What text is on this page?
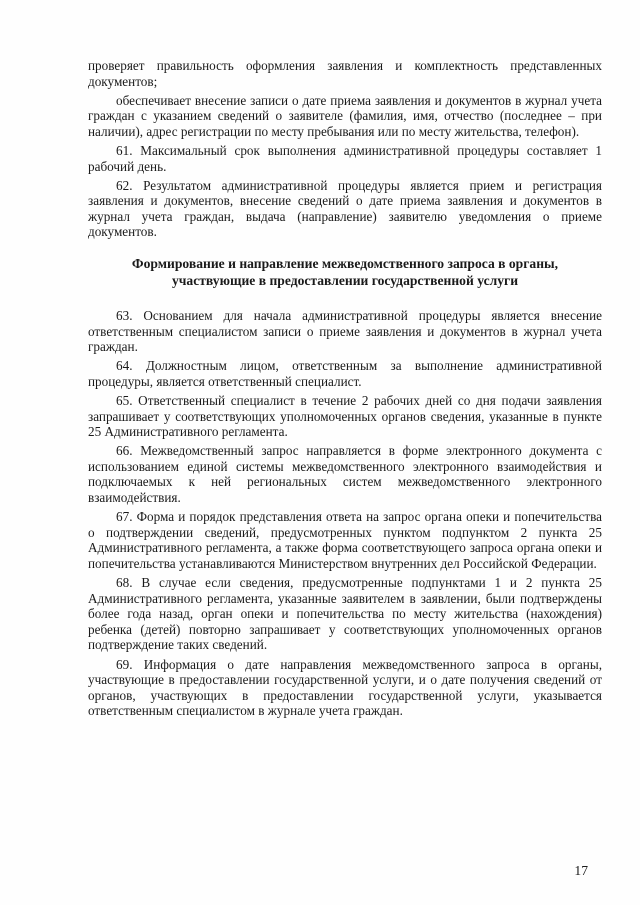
проверяет правильность оформления заявления и комплектность представленных документов;

обеспечивает внесение записи о дате приема заявления и документов в журнал учета граждан с указанием сведений о заявителе (фамилия, имя, отчество (последнее – при наличии), адрес регистрации по месту пребывания или по месту жительства, телефон).

61. Максимальный срок выполнения административной процедуры составляет 1 рабочий день.

62. Результатом административной процедуры является прием и регистрация заявления и документов, внесение сведений о дате приема заявления и документов в журнал учета граждан, выдача (направление) заявителю уведомления о приеме документов.

Формирование и направление межведомственного запроса в органы, участвующие в предоставлении государственной услуги

63. Основанием для начала административной процедуры является внесение ответственным специалистом записи о приеме заявления и документов в журнал учета граждан.

64. Должностным лицом, ответственным за выполнение административной процедуры, является ответственный специалист.

65. Ответственный специалист в течение 2 рабочих дней со дня подачи заявления запрашивает у соответствующих уполномоченных органов сведения, указанные в пункте 25 Административного регламента.

66. Межведомственный запрос направляется в форме электронного документа с использованием единой системы межведомственного электронного взаимодействия и подключаемых к ней региональных систем межведомственного электронного взаимодействия.

67. Форма и порядок представления ответа на запрос органа опеки и попечительства о подтверждении сведений, предусмотренных пунктом подпунктом 2 пункта 25 Административного регламента, а также форма соответствующего запроса органа опеки и попечительства устанавливаются Министерством внутренних дел Российской Федерации.

68. В случае если сведения, предусмотренные подпунктами 1 и 2 пункта 25 Административного регламента, указанные заявителем в заявлении, были подтверждены более года назад, орган опеки и попечительства по месту жительства (нахождения) ребенка (детей) повторно запрашивает у соответствующих уполномоченных органов подтверждение таких сведений.

69. Информация о дате направления межведомственного запроса в органы, участвующие в предоставлении государственной услуги, и о дате получения сведений от органов, участвующих в предоставлении государственной услуги, указывается ответственным специалистом в журнале учета граждан.

17
